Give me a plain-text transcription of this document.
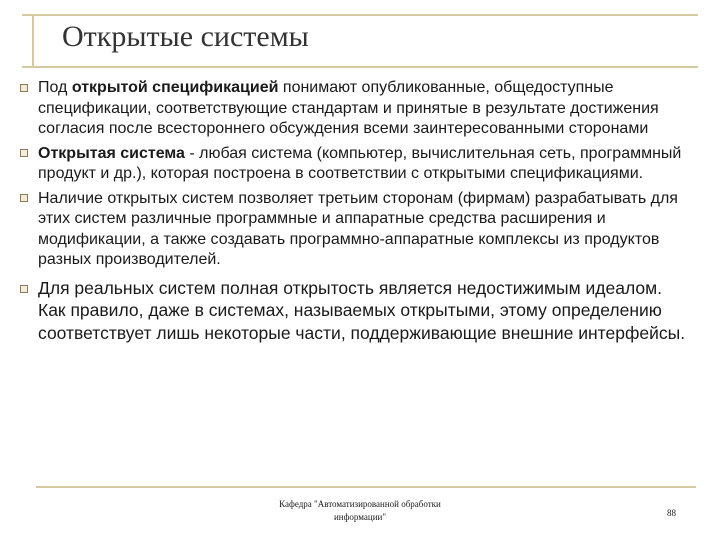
Открытые системы

Под открытой спецификацией понимают опубликованные, общедоступные спецификации, соответствующие стандартам и принятые в результате достижения согласия после всестороннего обсуждения всеми заинтересованными сторонами

Открытая система - любая система (компьютер, вычислительная сеть, программный продукт и др.), которая построена в соответствии с открытыми спецификациями.

Наличие открытых систем позволяет третьим сторонам (фирмам) разрабатывать для этих систем различные программные и аппаратные средства расширения и модификации, а также создавать программно-аппаратные комплексы из продуктов разных производителей.

Для реальных систем полная открытость является недостижимым идеалом. Как правило, даже в системах, называемых открытыми, этому определению соответствует лишь некоторые части, поддерживающие внешние интерфейсы.

Кафедра "Автоматизированной обработки
информации"	88
